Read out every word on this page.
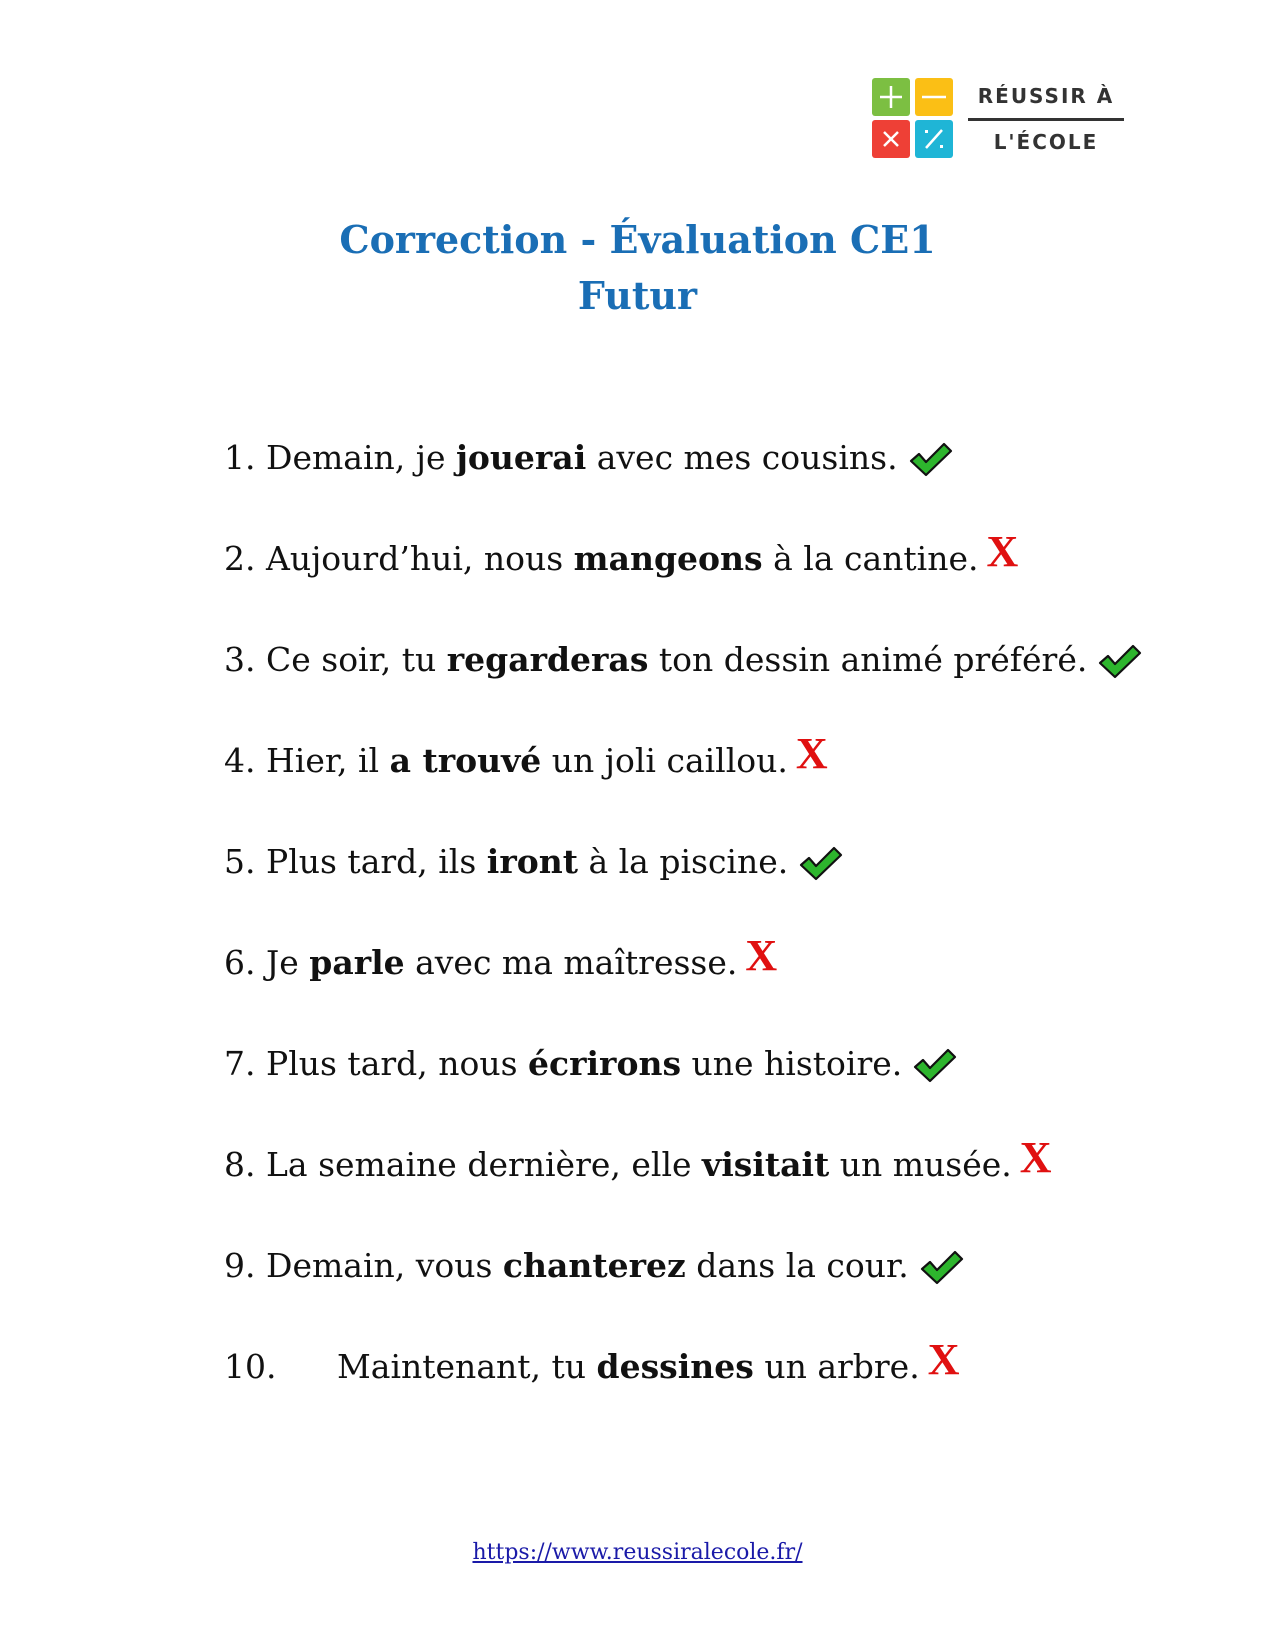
RÉUSSIR À
L'ÉCOLE
Correction - Évaluation CE1
Futur
1. Demain, je jouerai avec mes cousins.
2. Aujourd’hui, nous mangeons à la cantine. X
3. Ce soir, tu regarderas ton dessin animé préféré.
4. Hier, il a trouvé un joli caillou. X
5. Plus tard, ils iront à la piscine.
6. Je parle avec ma maîtresse. X
7. Plus tard, nous écrirons une histoire.
8. La semaine dernière, elle visitait un musée. X
9. Demain, vous chanterez dans la cour.
10. Maintenant, tu dessines un arbre. X
https://www.reussiralecole.fr/
